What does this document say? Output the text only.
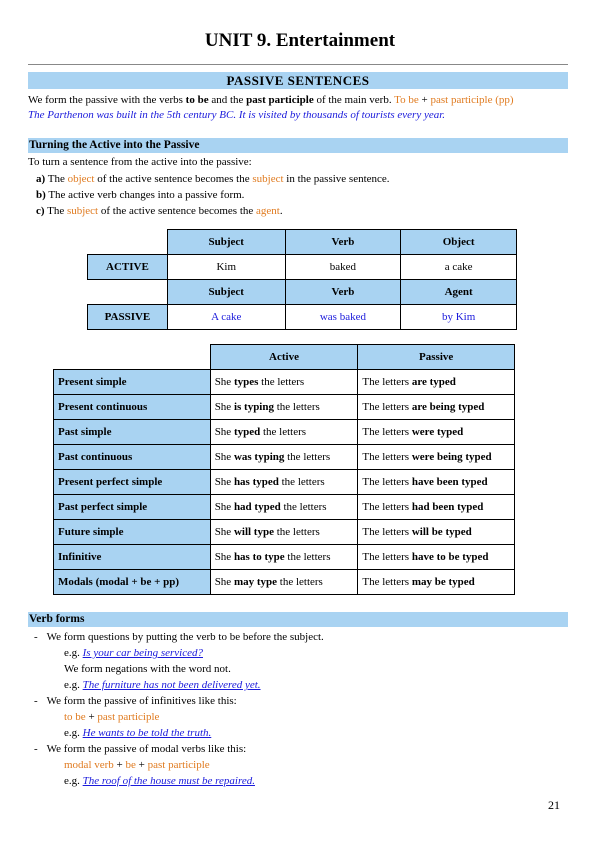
UNIT 9. Entertainment
PASSIVE SENTENCES
We form the passive with the verbs to be and the past participle of the main verb. To be + past participle (pp)
The Parthenon was built in the 5th century BC. It is visited by thousands of tourists every year.
Turning the Active into the Passive
To turn a sentence from the active into the passive:
a) The object of the active sentence becomes the subject in the passive sentence.
b) The active verb changes into a passive form.
c) The subject of the active sentence becomes the agent.
	Subject	Verb	Object
ACTIVE	Kim	baked	a cake
	Subject	Verb	Agent
PASSIVE	A cake	was baked	by Kim
	Active	Passive
Present simple	She types the letters	The letters are typed
Present continuous	She is typing the letters	The letters are being typed
Past simple	She typed the letters	The letters were typed
Past continuous	She was typing the letters	The letters were being typed
Present perfect simple	She has typed the letters	The letters have been typed
Past perfect simple	She had typed the letters	The letters had been typed
Future simple	She will type the letters	The letters will be typed
Infinitive	She has to type the letters	The letters have to be typed
Modals (modal + be + pp)	She may type the letters	The letters may be typed
Verb forms
- We form questions by putting the verb to be before the subject.
e.g. Is your car being serviced?
We form negations with the word not.
e.g. The furniture has not been delivered yet.
- We form the passive of infinitives like this:
to be + past participle
e.g. He wants to be told the truth.
- We form the passive of modal verbs like this:
modal verb + be + past participle
e.g. The roof of the house must be repaired.
21
